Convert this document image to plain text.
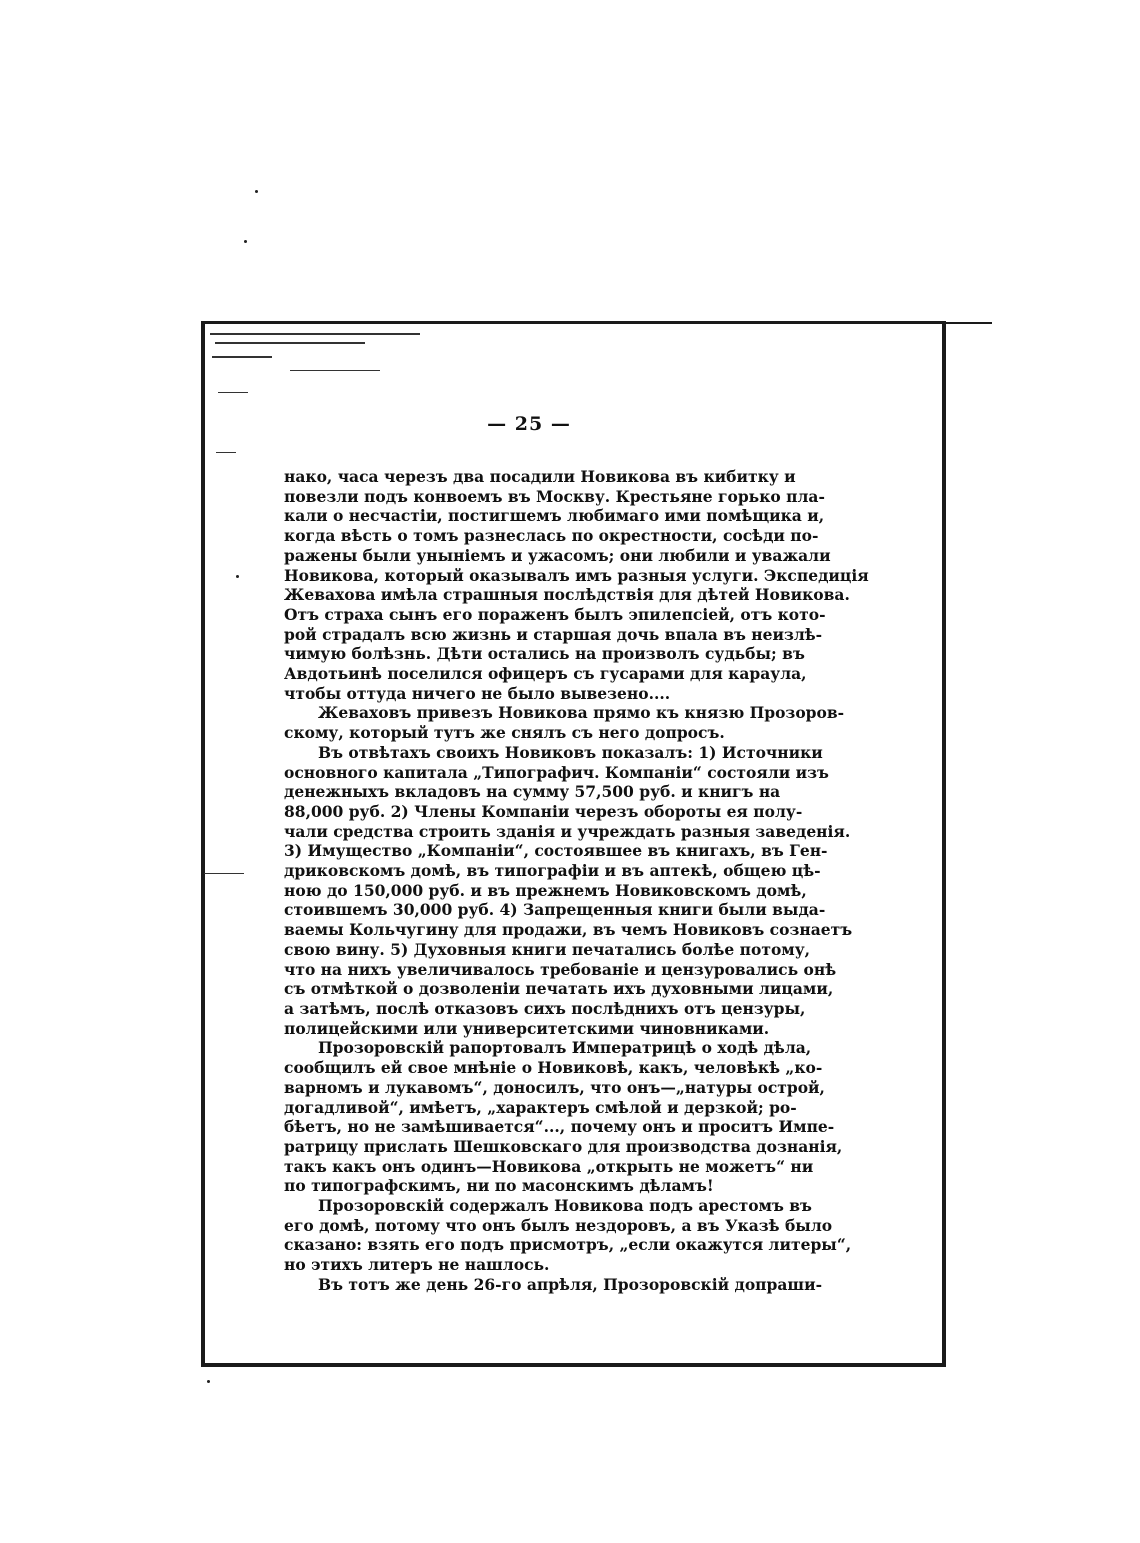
— 25 —
нако, часа черезъ два посадили Новикова въ кибитку и
повезли подъ конвоемъ въ Москву. Крестьяне горько пла-
кали о несчастіи, постигшемъ любимаго ими помѣщика и,
когда вѣсть о томъ разнеслась по окрестности, сосѣди по-
ражены были уныніемъ и ужасомъ; они любили и уважали
Новикова, который оказывалъ имъ разныя услуги. Экспедиція
Жевахова имѣла страшныя послѣдствія для дѣтей Новикова.
Отъ страха сынъ его пораженъ былъ эпилепсіей, отъ кото-
рой страдалъ всю жизнь и старшая дочь впала въ неизлѣ-
чимую болѣзнь. Дѣти остались на произволъ судьбы; въ
Авдотьинѣ поселился офицеръ съ гусарами для караула,
чтобы оттуда ничего не было вывезено....
Жеваховъ привезъ Новикова прямо къ князю Прозоров-
скому, который тутъ же снялъ съ него допросъ.
Въ отвѣтахъ своихъ Новиковъ показалъ: 1) Источники
основного капитала „Типографич. Компаніи“ состояли изъ
денежныхъ вкладовъ на сумму 57,500 руб. и книгъ на
88,000 руб. 2) Члены Компаніи черезъ обороты ея полу-
чали средства строить зданія и учреждать разныя заведенія.
3) Имущество „Компаніи“, состоявшее въ книгахъ, въ Ген-
дриковскомъ домѣ, въ типографіи и въ аптекѣ, общею цѣ-
ною до 150,000 руб. и въ прежнемъ Новиковскомъ домѣ,
стоившемъ 30,000 руб. 4) Запрещенныя книги были выда-
ваемы Кольчугину для продажи, въ чемъ Новиковъ сознаетъ
свою вину. 5) Духовныя книги печатались болѣе потому,
что на нихъ увеличивалось требованіе и цензуровались онѣ
съ отмѣткой о дозволеніи печатать ихъ духовными лицами,
а затѣмъ, послѣ отказовъ сихъ послѣднихъ отъ цензуры,
полицейскими или университетскими чиновниками.
Прозоровскій рапортовалъ Императрицѣ о ходѣ дѣла,
сообщилъ ей свое мнѣніе о Новиковѣ, какъ, человѣкѣ „ко-
варномъ и лукавомъ“, доносилъ, что онъ—„натуры острой,
догадливой“, имѣетъ, „характеръ смѣлой и дерзкой; ро-
бѣетъ, но не замѣшивается“..., почему онъ и проситъ Импе-
ратрицу прислать Шешковскаго для производства дознанія,
такъ какъ онъ одинъ—Новикова „открыть не можетъ“ ни
по типографскимъ, ни по масонскимъ дѣламъ!
Прозоровскій содержалъ Новикова подъ арестомъ въ
его домѣ, потому что онъ былъ нездоровъ, а въ Указѣ было
сказано: взять его подъ присмотръ, „если окажутся литеры“,
но этихъ литеръ не нашлось.
Въ тотъ же день 26-го апрѣля, Прозоровскій допраши-
